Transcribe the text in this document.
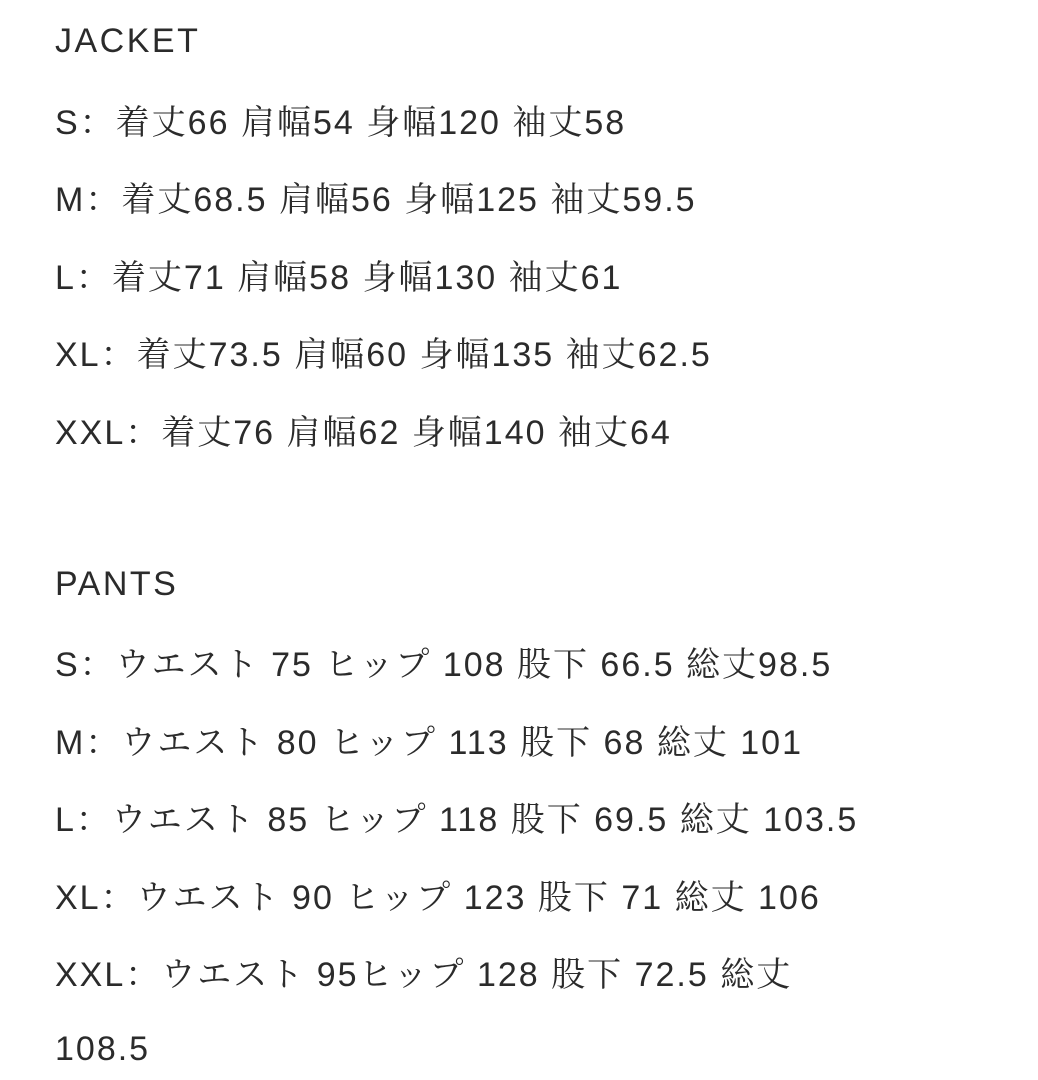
JACKET
S：着丈66 肩幅54 身幅120 袖丈58
M：着丈68.5 肩幅56 身幅125 袖丈59.5
L：着丈71 肩幅58 身幅130 袖丈61
XL：着丈73.5 肩幅60 身幅135 袖丈62.5
XXL：着丈76 肩幅62 身幅140 袖丈64
PANTS
S：ウエスト 75 ヒップ 108 股下 66.5 総丈98.5
M：ウエスト 80 ヒップ 113 股下 68 総丈 101
L：ウエスト 85 ヒップ 118 股下 69.5 総丈 103.5
XL：ウエスト 90 ヒップ 123 股下 71 総丈 106
XXL：ウエスト 95ヒップ 128 股下 72.5 総丈
108.5
